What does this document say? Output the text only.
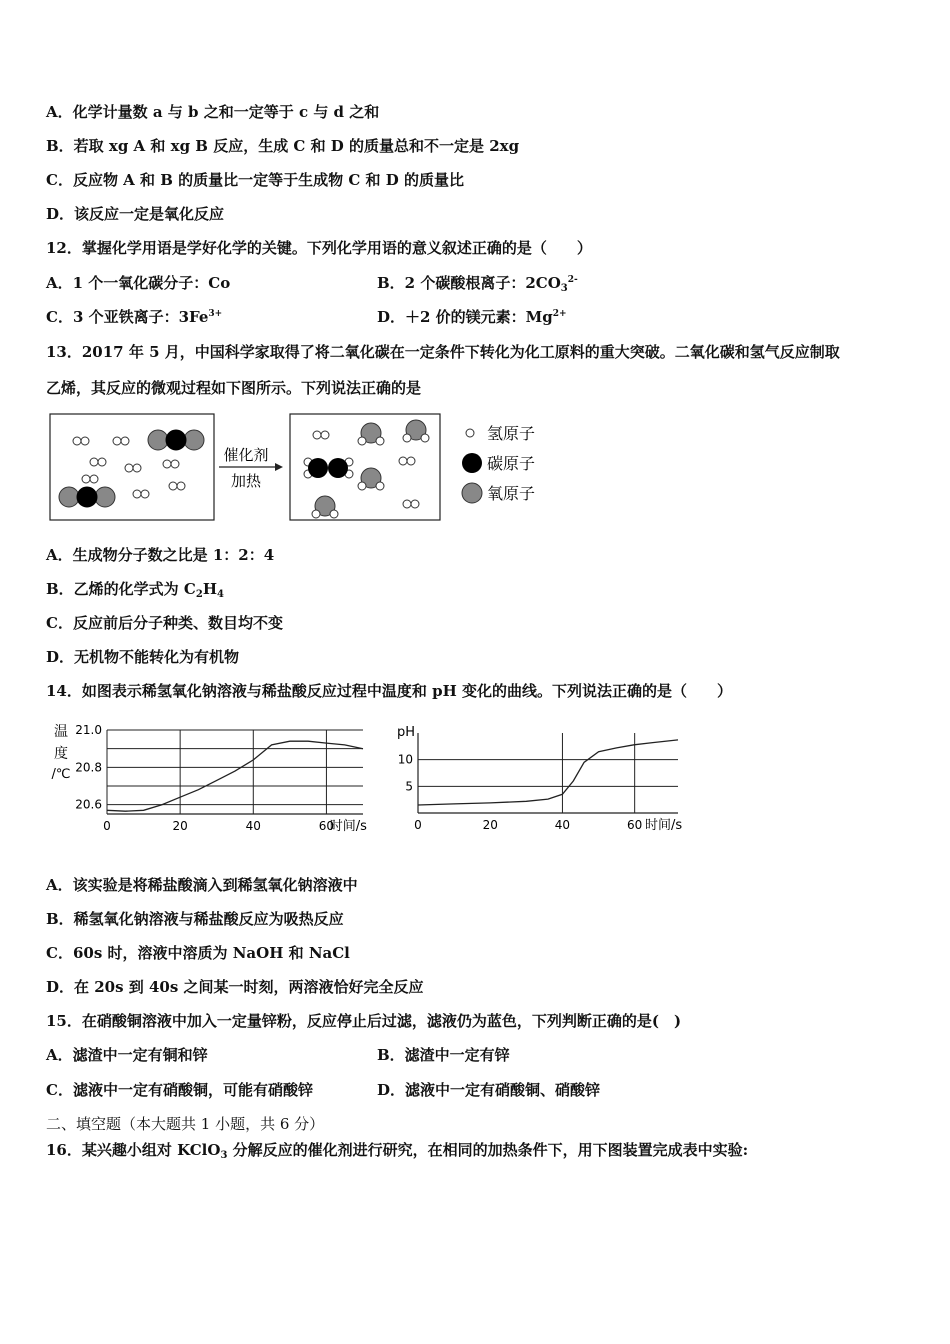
A．化学计量数 a 与 b 之和一定等于 c 与 d 之和
B．若取 xg A 和 xg B 反应，生成 C 和 D 的质量总和不一定是 2xg
C．反应物 A 和 B 的质量比一定等于生成物 C 和 D 的质量比
D．该反应一定是氧化反应
12．掌握化学用语是学好化学的关键。下列化学用语的意义叙述正确的是（　　）
A．1 个一氧化碳分子：Co	B．2 个碳酸根离子：$2CO_3^{2-}$
C．3 个亚铁离子：$3Fe^{3+}$	D．＋2 价的镁元素：$Mg^{2+}$
13．2017 年 5 月，中国科学家取得了将二氧化碳在一定条件下转化为化工原料的重大突破。二氧化碳和氢气反应制取
乙烯，其反应的微观过程如下图所示。下列说法正确的是
催化剂
加热
氢原子
碳原子
氧原子
A．生成物分子数之比是 1：2：4
B．乙烯的化学式为 $C_2H_4$
C．反应前后分子种类、数目均不变
D．无机物不能转化为有机物
14．如图表示稀氢氧化钠溶液与稀盐酸反应过程中温度和 pH 变化的曲线。下列说法正确的是（　　）
20.6
20.8
21.0
0	20	40	60
温
度
/℃
时间/s
5
10
0	20	40	60
pH
时间/s
A．该实验是将稀盐酸滴入到稀氢氧化钠溶液中
B．稀氢氧化钠溶液与稀盐酸反应为吸热反应
C．60s 时，溶液中溶质为 NaOH 和 NaCl
D．在 20s 到 40s 之间某一时刻，两溶液恰好完全反应
15．在硝酸铜溶液中加入一定量锌粉，反应停止后过滤，滤液仍为蓝色，下列判断正确的是(　)
A．滤渣中一定有铜和锌	B．滤渣中一定有锌
C．滤液中一定有硝酸铜，可能有硝酸锌	D．滤液中一定有硝酸铜、硝酸锌
二、填空题（本大题共 1 小题，共 6 分）
16．某兴趣小组对 KClO$_3$ 分解反应的催化剂进行研究，在相同的加热条件下，用下图装置完成表中实验:
